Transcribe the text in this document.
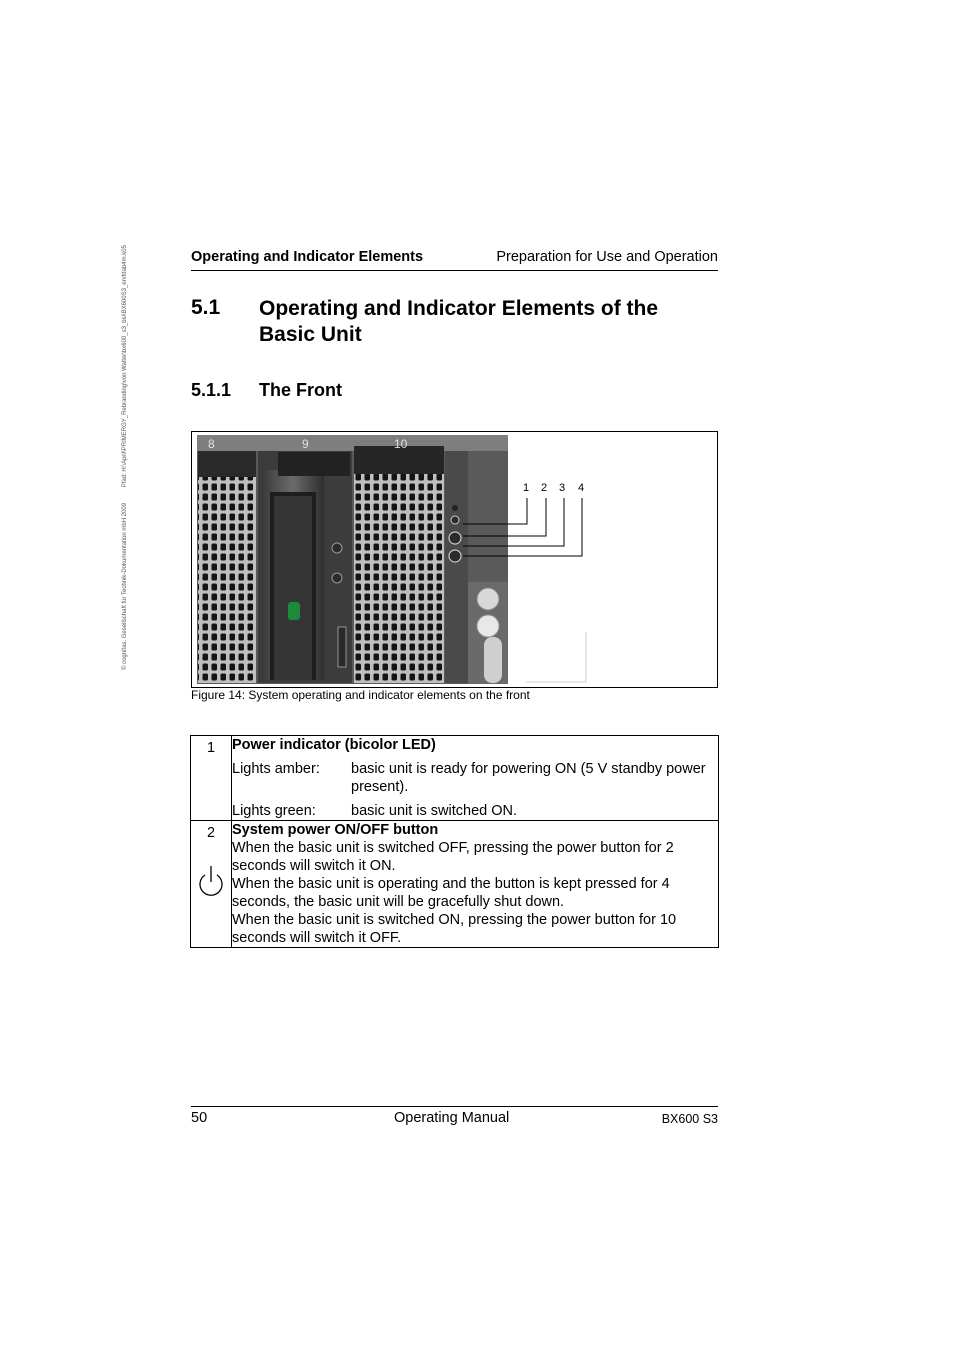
© cognitas. Gesellschaft für Technik-Dokumentation mbH 2009 Pfad: H:\April\PRIMERGY_Rebranding\von Walter\bx600_s3_bsi\BX600S3_ervfdab4m.k05	Operating and Indicator Elements	Preparation for Use and Operation
5.1 Operating and Indicator Elements of the Basic Unit
5.1.1 The Front
8	9	10
1 2 3 4
Figure 14: System operating and indicator elements on the front
1	Power indicator (bicolor LED)
Lights amber: basic unit is ready for powering ON (5 V standby power present).
Lights green: basic unit is switched ON.

2	System power ON/OFF button
When the basic unit is switched OFF, pressing the power button for 2 seconds will switch it ON.
When the basic unit is operating and the button is kept pressed for 4 seconds, the basic unit will be gracefully shut down.
When the basic unit is switched ON, pressing the power button for 10 seconds will switch it OFF.
50	Operating Manual	BX600 S3
